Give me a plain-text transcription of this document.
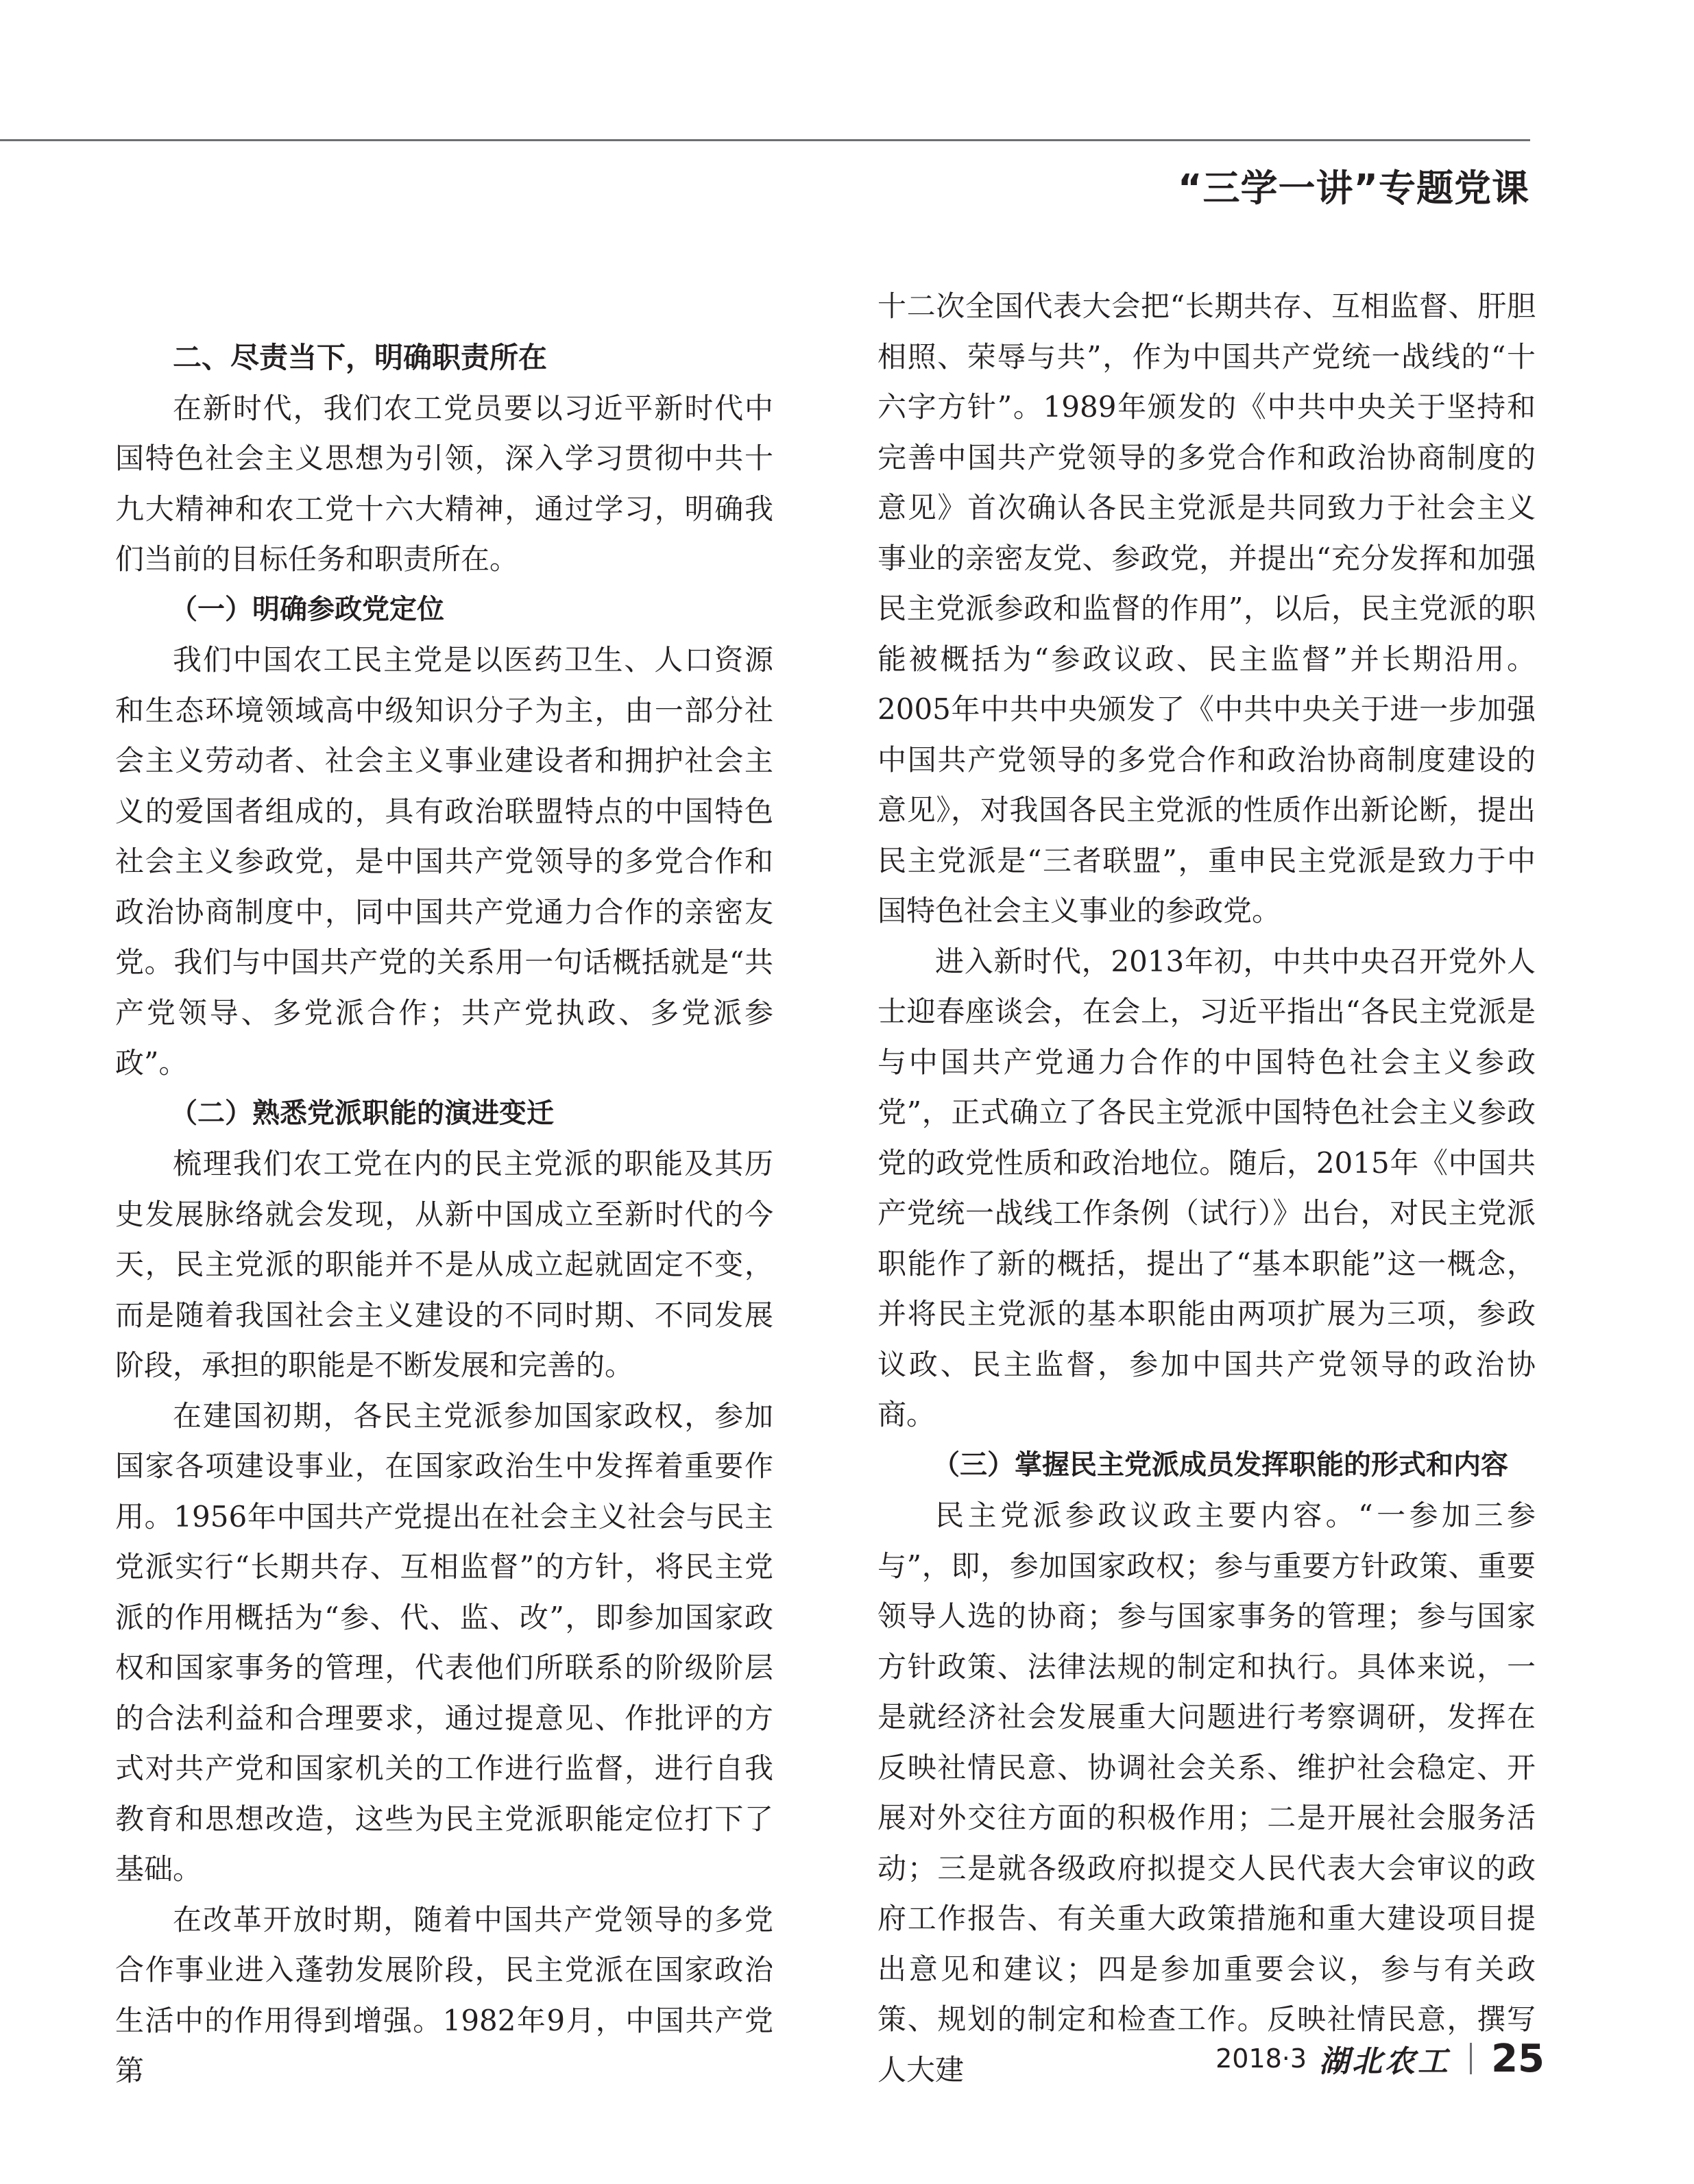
“三学一讲”专题党课
二、尽责当下，明确职责所在

在新时代，我们农工党员要以习近平新时代中国特色社会主义思想为引领，深入学习贯彻中共十九大精神和农工党十六大精神，通过学习，明确我们当前的目标任务和职责所在。

（一）明确参政党定位

我们中国农工民主党是以医药卫生、人口资源和生态环境领域高中级知识分子为主，由一部分社会主义劳动者、社会主义事业建设者和拥护社会主义的爱国者组成的，具有政治联盟特点的中国特色社会主义参政党，是中国共产党领导的多党合作和政治协商制度中，同中国共产党通力合作的亲密友党。我们与中国共产党的关系用一句话概括就是“共产党领导、多党派合作；共产党执政、多党派参政”。

（二）熟悉党派职能的演进变迁

梳理我们农工党在内的民主党派的职能及其历史发展脉络就会发现，从新中国成立至新时代的今天，民主党派的职能并不是从成立起就固定不变，而是随着我国社会主义建设的不同时期、不同发展阶段，承担的职能是不断发展和完善的。

在建国初期，各民主党派参加国家政权，参加国家各项建设事业，在国家政治生中发挥着重要作用。1956年中国共产党提出在社会主义社会与民主党派实行“长期共存、互相监督”的方针，将民主党派的作用概括为“参、代、监、改”，即参加国家政权和国家事务的管理，代表他们所联系的阶级阶层的合法利益和合理要求，通过提意见、作批评的方式对共产党和国家机关的工作进行监督，进行自我教育和思想改造，这些为民主党派职能定位打下了基础。

在改革开放时期，随着中国共产党领导的多党合作事业进入蓬勃发展阶段，民主党派在国家政治生活中的作用得到增强。1982年9月，中国共产党第

十二次全国代表大会把“长期共存、互相监督、肝胆相照、荣辱与共”，作为中国共产党统一战线的“十六字方针”。1989年颁发的《中共中央关于坚持和完善中国共产党领导的多党合作和政治协商制度的意见》首次确认各民主党派是共同致力于社会主义事业的亲密友党、参政党，并提出“充分发挥和加强民主党派参政和监督的作用”，以后，民主党派的职能被概括为“参政议政、民主监督”并长期沿用。2005年中共中央颁发了《中共中央关于进一步加强中国共产党领导的多党合作和政治协商制度建设的意见》，对我国各民主党派的性质作出新论断，提出民主党派是“三者联盟”，重申民主党派是致力于中国特色社会主义事业的参政党。

进入新时代，2013年初，中共中央召开党外人士迎春座谈会，在会上，习近平指出“各民主党派是与中国共产党通力合作的中国特色社会主义参政党”，正式确立了各民主党派中国特色社会主义参政党的政党性质和政治地位。随后，2015年《中国共产党统一战线工作条例（试行）》出台，对民主党派职能作了新的概括，提出了“基本职能”这一概念，并将民主党派的基本职能由两项扩展为三项，参政议政、民主监督，参加中国共产党领导的政治协商。

（三）掌握民主党派成员发挥职能的形式和内容

民主党派参政议政主要内容。“一参加三参与”，即，参加国家政权；参与重要方针政策、重要领导人选的协商；参与国家事务的管理；参与国家方针政策、法律法规的制定和执行。具体来说，一是就经济社会发展重大问题进行考察调研，发挥在反映社情民意、协调社会关系、维护社会稳定、开展对外交往方面的积极作用；二是开展社会服务活动；三是就各级政府拟提交人民代表大会审议的政府工作报告、有关重大政策措施和重大建设项目提出意见和建议；四是参加重要会议，参与有关政策、规划的制定和检查工作。反映社情民意，撰写人大建	2018·3 湖北农工 25
